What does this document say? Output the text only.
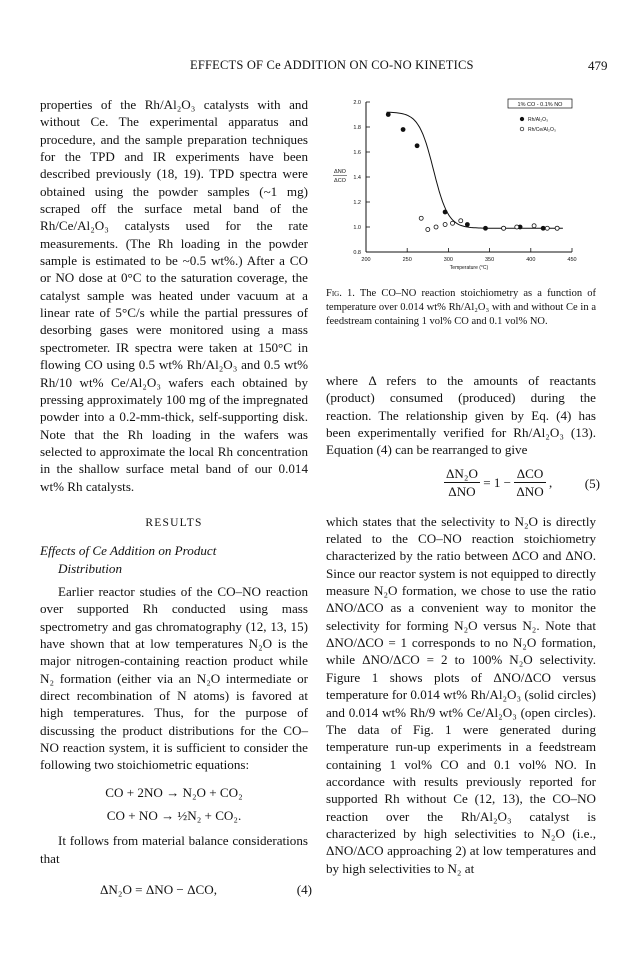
EFFECTS OF Ce ADDITION ON CO-NO KINETICS	479

properties of the Rh/Al₂O₃ catalysts with and without Ce. The experimental apparatus and procedure, and the sample preparation techniques for the TPD and IR experiments have been described previously (18, 19). TPD spectra were obtained using the powder samples (~1 mg) scraped off the surface metal band of the Rh/Ce/Al₂O₃ catalysts used for the rate measurements. (The Rh loading in the powder sample is estimated to be ~0.5 wt%.) After a CO or NO dose at 0°C to the saturation coverage, the catalyst sample was heated under vacuum at a linear rate of 5°C/s while the partial pressures of desorbing gases were monitored using a mass spectrometer. IR spectra were taken at 150°C in flowing CO using 0.5 wt% Rh/Al₂O₃ and 0.5 wt% Rh/10 wt% Ce/Al₂O₃ wafers each obtained by pressing approximately 100 mg of the impregnated powder into a 0.2-mm-thick, self-supporting disk. Note that the Rh loading in the wafers was selected to approximate the local Rh concentration in the shallow surface metal band of our 0.014 wt% Rh catalysts.

RESULTS
Effects of Ce Addition on Product
Distribution

Earlier reactor studies of the CO–NO reaction over supported Rh conducted using mass spectrometry and gas chromatography (12, 13, 15) have shown that at low temperatures N₂O is the major nitrogen-containing reaction product while N₂ formation (either via an N₂O intermediate or direct recombination of N atoms) is favored at high temperatures. Thus, for the purpose of discussing the product distributions for the CO–NO reaction system, it is sufficient to consider the following two stoichiometric equations:

CO + 2NO → N₂O + CO₂
CO + NO → ½N₂ + CO₂.

It follows from material balance considerations that

ΔN₂O = ΔNO − ΔCO,	(4)
0.8
1.0
1.2
1.4
1.6
1.8
2.0
200	250	300	350	400	450
Temperature (°C)
ΔNO
ΔCO
1% CO - 0.1% NO
Rh/Al₂O₃
Rh/Ce/Al₂O₃
Fig. 1. The CO–NO reaction stoichiometry as a function of temperature over 0.014 wt% Rh/Al₂O₃ with and without Ce in a feedstream containing 1 vol% CO and 0.1 vol% NO.

where Δ refers to the amounts of reactants (product) consumed (produced) during the reaction. The relationship given by Eq. (4) has been experimentally verified for Rh/Al₂O₃ (13). Equation (4) can be rearranged to give

$\frac{\text{ΔN₂O}}{\text{ΔNO}} = 1 - \frac{\text{ΔCO}}{\text{ΔNO}}$ , (5)

which states that the selectivity to N₂O is directly related to the CO–NO reaction stoichiometry characterized by the ratio between ΔCO and ΔNO. Since our reactor system is not equipped to directly measure N₂O formation, we chose to use the ratio ΔNO/ΔCO as a convenient way to monitor the selectivity for forming N₂O versus N₂. Note that ΔNO/ΔCO = 1 corresponds to no N₂O formation, while ΔNO/ΔCO = 2 to 100% N₂O selectivity. Figure 1 shows plots of ΔNO/ΔCO versus temperature for 0.014 wt% Rh/Al₂O₃ (solid circles) and 0.014 wt% Rh/9 wt% Ce/Al₂O₃ (open circles). The data of Fig. 1 were generated during temperature run-up experiments in a feedstream containing 1 vol% CO and 0.1 vol% NO. In accordance with results previously reported for supported Rh without Ce (12, 13), the CO–NO reaction over the Rh/Al₂O₃ catalyst is characterized by high selectivities to N₂O (i.e., ΔNO/ΔCO approaching 2) at low temperatures and by high selectivities to N₂ at
